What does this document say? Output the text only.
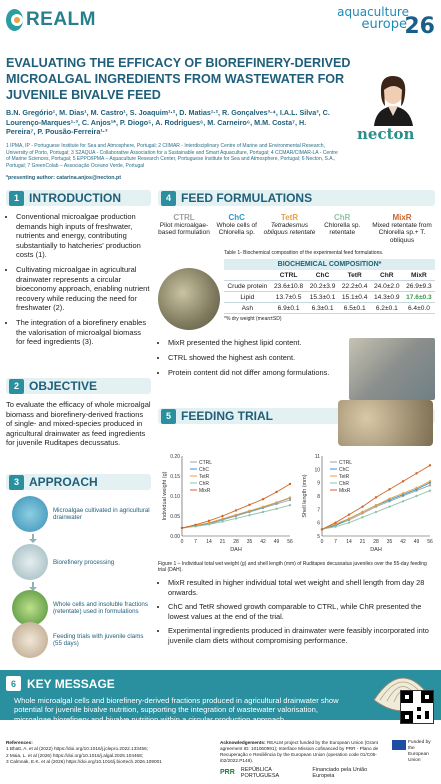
REALM	aquaculture
europe
26
EVALUATING THE EFFICACY OF BIOREFINERY-DERIVED MICROALGAL INGREDIENTS FROM WASTEWATER FOR JUVENILE BIVALVE FEED
B.N. Gregório¹, M. Dias¹, M. Castro¹, S. Joaquim¹·², D. Matias¹·², R. Gonçalves³·⁴, I.A.L. Silva³, C. Lourenço-Marques¹·³, C. Anjos¹*, P. Diogo⁵, A. Rodrigues⁶, M. Carneiro⁶, M.M. Costa⁷, H. Pereira⁷, P. Pousão-Ferreira¹·³
1 IPMA, IP - Portuguese Institute for Sea and Atmosphere, Portugal; 2 CIIMAR - Interdisciplinary Centre of Marine and Environmental Research, University of Porto, Portugal; 3 S2AQUA - Collaborative Association for a Sustainable and Smart Aquaculture, Portugal; 4 CCMAR/CIMAR-LA - Centre of Marine Sciences, Portugal; 5 EPPO/IPMA – Aquaculture Research Center, Portuguese Institute for Sea and Atmosphere, Portugal; 6 Necton, S.A., Portugal; 7 GreenColab – Associação Oceano Verde, Portugal
*presenting author: catarina.anjos@necton.pt
necton
1 INTRODUCTION
• Conventional microalgae production demands high inputs of freshwater, nutrients and energy, contributing substantially to hatcheries' production costs (1).
• Cultivating microalgae in agricultural drainwater represents a circular bioeconomy approach, enabling nutrient recovery while reducing the need for freshwater (2).
• The integration of a biorefinery enables the valorisation of microalgal biomass for feed ingredients (3).
2 OBJECTIVE

To evaluate the efficacy of whole microalgal biomass and biorefinery-derived fractions of single- and mixed-species produced in agricultural drainwater as feed ingredients for juvenile Ruditapes decussatus.

3 APPROACH
Microalgae cultivated in agricultural drainwater
Biorefinery processing
Whole cells and insoluble fractions (retentate) used in formulations
Feeding trials with juvenile clams (55 days)
4 FEED FORMULATIONS
CTRL
Pilot microalgae-based formulation
ChC
Whole cells of Chlorella sp.
TetR
Tetradesmus obliquus retentate
ChR
Chlorella sp. retentate
MixR
Mixed retentate from Chlorella sp.+ T. obliquus
Table 1- Biochemical composition of the experimental feed formulations.
BIOCHEMICAL COMPOSITION*
	CTRL	ChC	TetR	ChR	MixR
Crude protein	23.6±10.8	20.2±3.9	22.2±0.4	24.0±2.0	26.9±9.3
Lipid	13.7±0.5	15.3±0.1	15.1±0.4	14.3±0.9	17.6±0.3
Ash	6.9±0.1	6.3±0.1	6.5±0.1	6.2±0.1	6.4±0.0
*% dry weight (mean±SD)
• MixR presented the highest lipid content.
• CTRL showed the highest ash content.
• Protein content did not differ among formulations.
5 FEEDING TRIAL
0.00
0.05
0.10
0.15
0.20
0 7 14 21 28 35 42 49 56
DAH
Individual weight (g)
CTRL
ChC
TetR
ChR
MixR
5
6
7
8
9
10
11
0 7 14 21 28 35 42 49 56
DAH
Shell length (mm)
CTRL
ChC
TetR
ChR
MixR
Figure 1 – Individual total wet weight (g) and shell length (mm) of Ruditapes decussatus juveniles over the 55-day feeding trial (DAH).
• MixR resulted in higher individual total wet weight and shell length from day 28 onwards.
• ChC and TetR showed growth comparable to CTRL, while ChR presented the lowest values at the end of the trial.
• Experimental ingredients produced in drainwater were feasibly incorporated into juvenile clam diets without compromising performance.
6 KEY MESSAGE
Whole microalgal cells and biorefinery-derived fractions produced in agricultural drainwater show potential for juvenile bivalve nutrition, supporting the integration of wastewater valorisation, microalgae biorefinery and bivalve nutrition within a circular production approach.
References:
1 Bhatt, A. et al (2022) https://doi.org/10.1016/j.jclepro.2022.133456;
2 Maia, L. et al (2026) https://doi.org/10.1016/j.algal.2025.104468;
3 Calmnak, E.K. et al (2026) https://doi.org/10.1016/j.biortech.2026.109001
Acknowledgements: REALM project funded by the European Union (Grant agreement ID: 101060991); Interface Mission cofinanced by PRR - Plano de Recuperação e Resiliência by the European Union (operation code 01/C05-i02/2022.P148).
PRR REPÚBLICA PORTUGUESA
Financiado pela União Europeia
Funded by the European Union
